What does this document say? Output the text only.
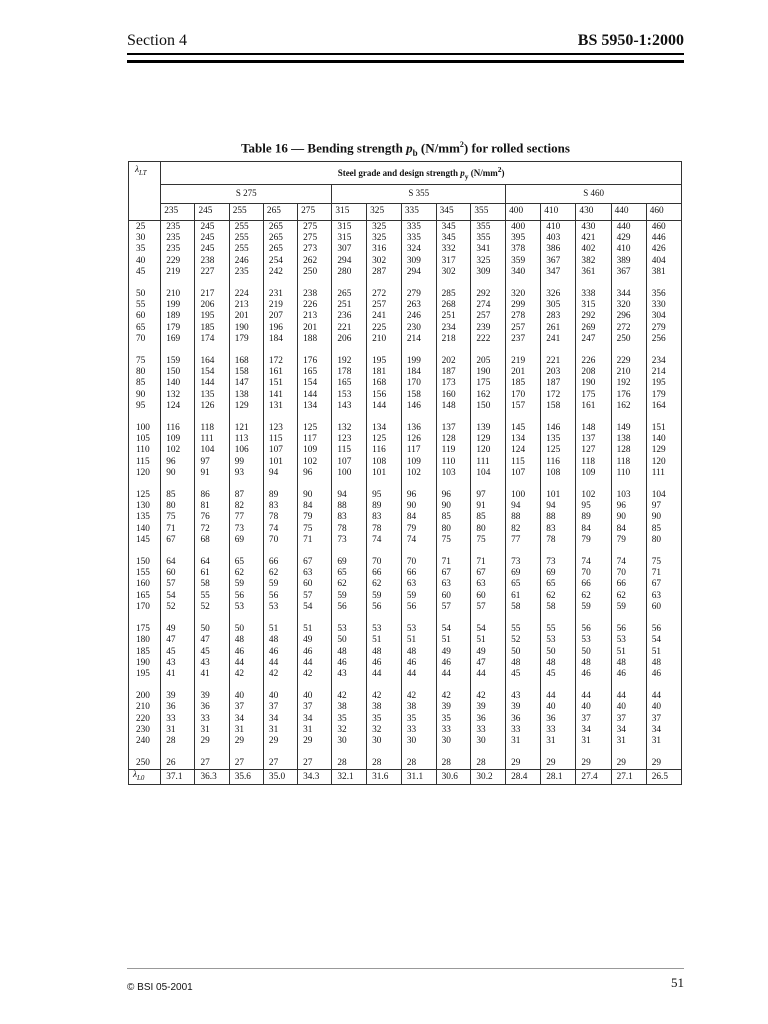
Section 4	BS 5950-1:2000
Table 16 — Bending strength $p_b$ $(N/mm^2)$ for rolled sections
$\lambda_{LT}$	Steel grade and design strength $p_y$ $(N/mm^2)$														
	S 275					S 355					S 460				
	235	245	255	265	275	315	325	335	345	355	400	410	430	440	460
25	235	245	255	265	275	315	325	335	345	355	400	410	430	440	460
30	235	245	255	265	275	315	325	335	345	355	395	403	421	429	446
35	235	245	255	265	273	307	316	324	332	341	378	386	402	410	426
40	229	238	246	254	262	294	302	309	317	325	359	367	382	389	404
45	219	227	235	242	250	280	287	294	302	309	340	347	361	367	381

50	210	217	224	231	238	265	272	279	285	292	320	326	338	344	356
55	199	206	213	219	226	251	257	263	268	274	299	305	315	320	330
60	189	195	201	207	213	236	241	246	251	257	278	283	292	296	304
65	179	185	190	196	201	221	225	230	234	239	257	261	269	272	279
70	169	174	179	184	188	206	210	214	218	222	237	241	247	250	256

75	159	164	168	172	176	192	195	199	202	205	219	221	226	229	234
80	150	154	158	161	165	178	181	184	187	190	201	203	208	210	214
85	140	144	147	151	154	165	168	170	173	175	185	187	190	192	195
90	132	135	138	141	144	153	156	158	160	162	170	172	175	176	179
95	124	126	129	131	134	143	144	146	148	150	157	158	161	162	164

100	116	118	121	123	125	132	134	136	137	139	145	146	148	149	151
105	109	111	113	115	117	123	125	126	128	129	134	135	137	138	140
110	102	104	106	107	109	115	116	117	119	120	124	125	127	128	129
115	96	97	99	101	102	107	108	109	110	111	115	116	118	118	120
120	90	91	93	94	96	100	101	102	103	104	107	108	109	110	111

125	85	86	87	89	90	94	95	96	96	97	100	101	102	103	104
130	80	81	82	83	84	88	89	90	90	91	94	94	95	96	97
135	75	76	77	78	79	83	83	84	85	85	88	88	89	90	90
140	71	72	73	74	75	78	78	79	80	80	82	83	84	84	85
145	67	68	69	70	71	73	74	74	75	75	77	78	79	79	80

150	64	64	65	66	67	69	70	70	71	71	73	73	74	74	75
155	60	61	62	62	63	65	66	66	67	67	69	69	70	70	71
160	57	58	59	59	60	62	62	63	63	63	65	65	66	66	67
165	54	55	56	56	57	59	59	59	60	60	61	62	62	62	63
170	52	52	53	53	54	56	56	56	57	57	58	58	59	59	60

175	49	50	50	51	51	53	53	53	54	54	55	55	56	56	56
180	47	47	48	48	49	50	51	51	51	51	52	53	53	53	54
185	45	45	46	46	46	48	48	48	49	49	50	50	50	51	51
190	43	43	44	44	44	46	46	46	46	47	48	48	48	48	48
195	41	41	42	42	42	43	44	44	44	44	45	45	46	46	46

200	39	39	40	40	40	42	42	42	42	42	43	44	44	44	44
210	36	36	37	37	37	38	38	38	39	39	39	40	40	40	40
220	33	33	34	34	34	35	35	35	35	36	36	36	37	37	37
230	31	31	31	31	31	32	32	33	33	33	33	33	34	34	34
240	28	29	29	29	29	30	30	30	30	30	31	31	31	31	31

250	26	27	27	27	27	28	28	28	28	28	29	29	29	29	29
$\lambda_{L0}$	37.1	36.3	35.6	35.0	34.3	32.1	31.6	31.1	30.6	30.2	28.4	28.1	27.4	27.1	26.5
© BSI 05-2001	51
